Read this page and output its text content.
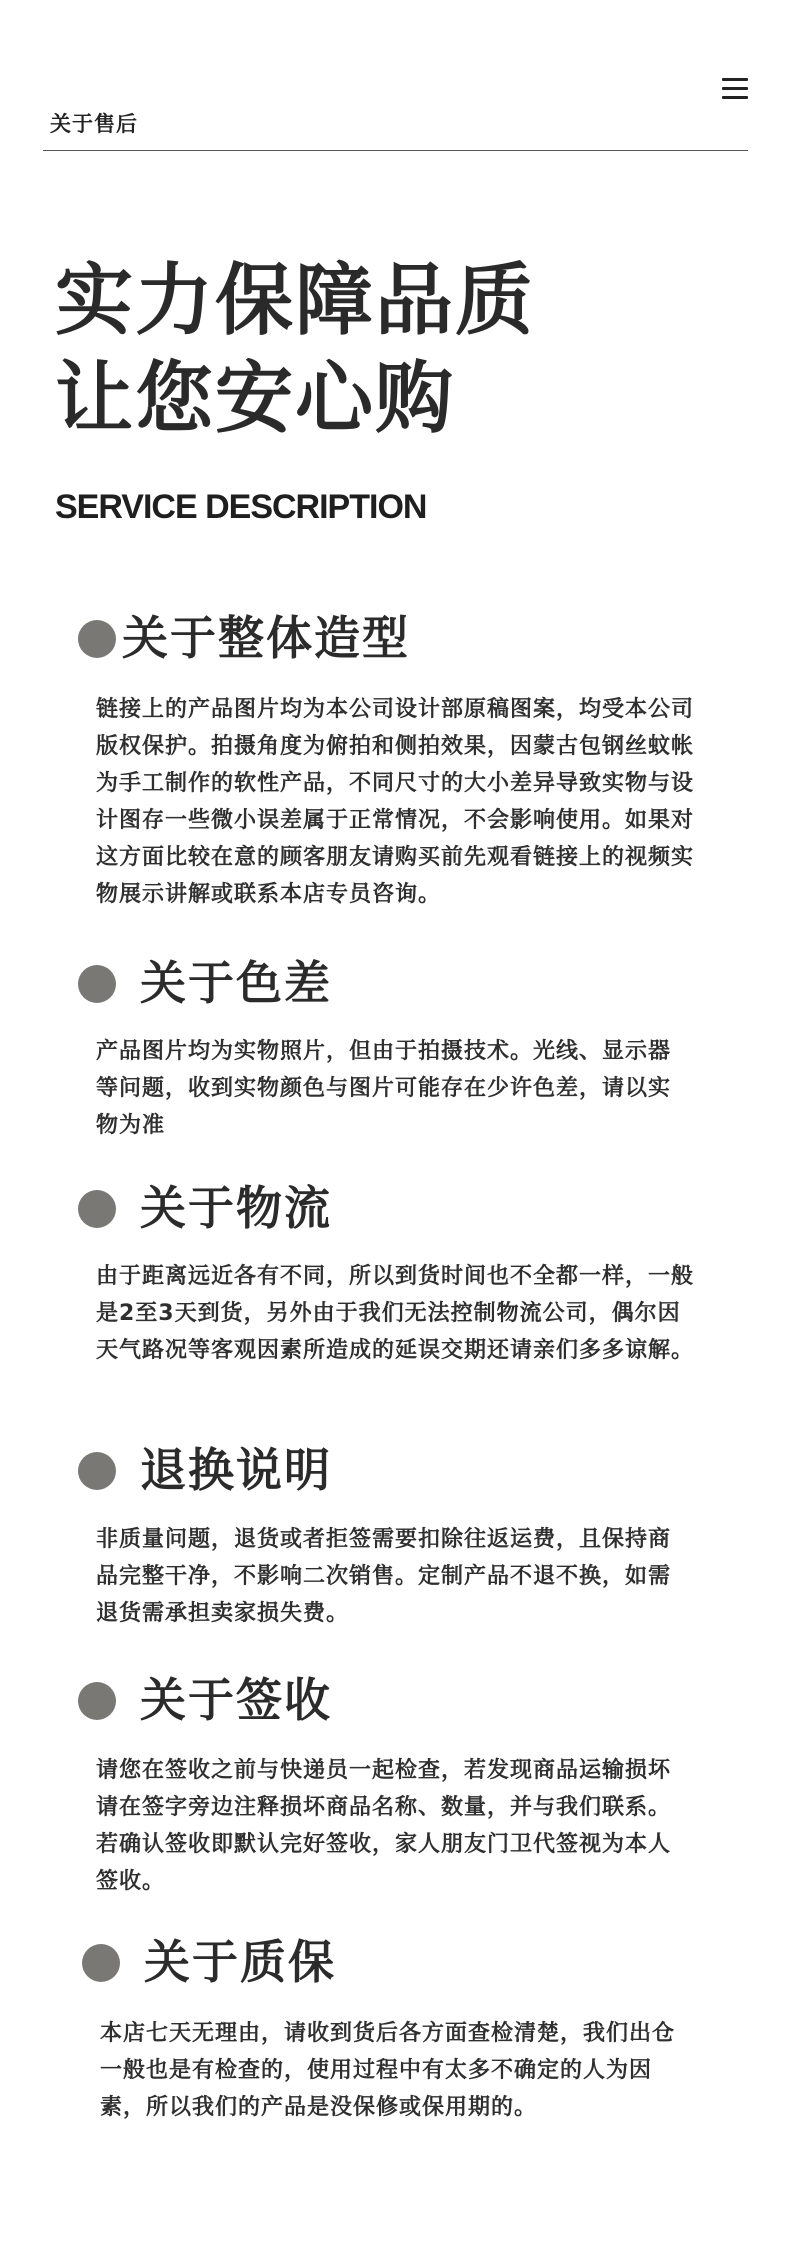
关于售后
实力保障品质
让您安心购
SERVICE DESCRIPTION
关于整体造型
链接上的产品图片均为本公司设计部原稿图案，均受本公司版权保护。拍摄角度为俯拍和侧拍效果，因蒙古包钢丝蚊帐为手工制作的软性产品，不同尺寸的大小差异导致实物与设计图存一些微小误差属于正常情况，不会影响使用。如果对这方面比较在意的顾客朋友请购买前先观看链接上的视频实物展示讲解或联系本店专员咨询。
关于色差
产品图片均为实物照片，但由于拍摄技术。光线、显示器等问题，收到实物颜色与图片可能存在少许色差，请以实物为准
关于物流
由于距离远近各有不同，所以到货时间也不全都一样，一般是2至3天到货，另外由于我们无法控制物流公司，偶尔因天气路况等客观因素所造成的延误交期还请亲们多多谅解。
退换说明
非质量问题，退货或者拒签需要扣除往返运费，且保持商品完整干净，不影响二次销售。定制产品不退不换，如需退货需承担卖家损失费。
关于签收
请您在签收之前与快递员一起检查，若发现商品运输损坏请在签字旁边注释损坏商品名称、数量，并与我们联系。若确认签收即默认完好签收，家人朋友门卫代签视为本人签收。
关于质保
本店七天无理由，请收到货后各方面查检清楚，我们出仓一般也是有检查的，使用过程中有太多不确定的人为因素，所以我们的产品是没保修或保用期的。
